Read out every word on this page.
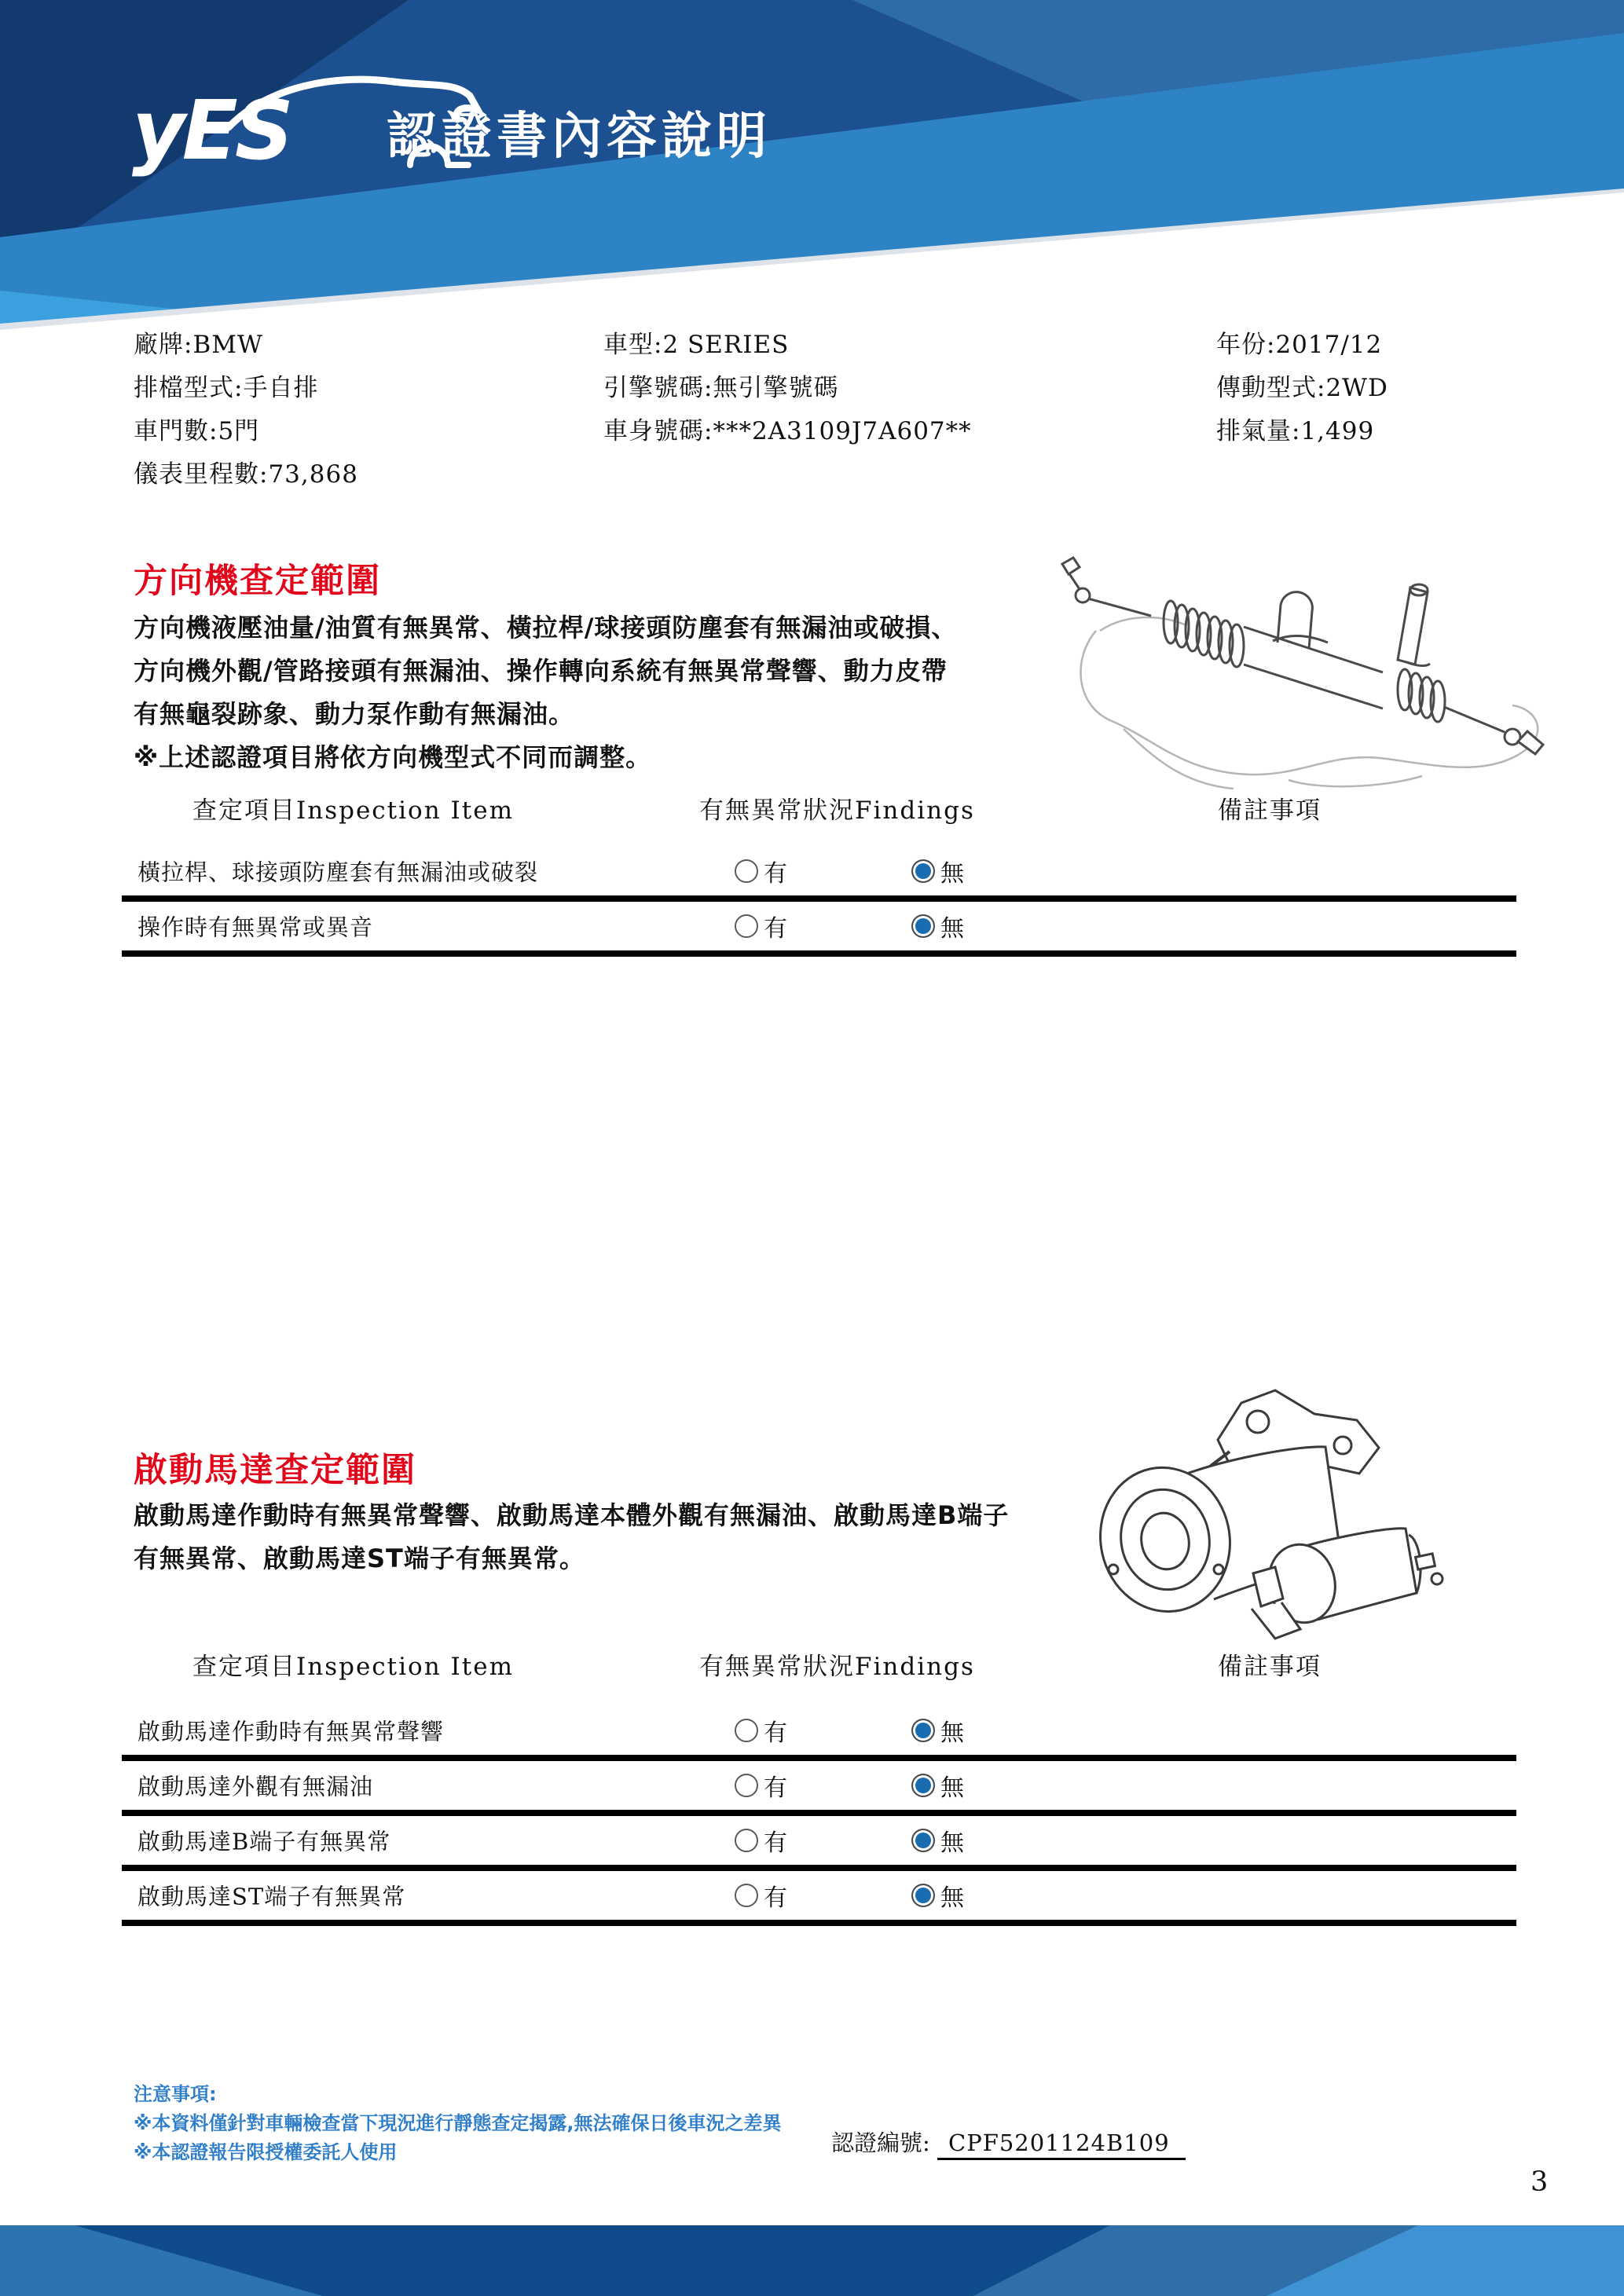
yES 認證書內容說明
廠牌:BMW
排檔型式:手自排
車門數:5門
儀表里程數:73,868
車型:2 SERIES
引擎號碼:無引擎號碼
車身號碼:***2A3109J7A607**
年份:2017/12
傳動型式:2WD
排氣量:1,499
方向機查定範圍
方向機液壓油量/油質有無異常、橫拉桿/球接頭防塵套有無漏油或破損、
方向機外觀/管路接頭有無漏油、操作轉向系統有無異常聲響、動力皮帶
有無龜裂跡象、動力泵作動有無漏油。
※上述認證項目將依方向機型式不同而調整。
查定項目Inspection Item	有無異常狀況Findings	備註事項
橫拉桿、球接頭防塵套有無漏油或破裂	有	無
操作時有無異常或異音	有	無
啟動馬達查定範圍
啟動馬達作動時有無異常聲響、啟動馬達本體外觀有無漏油、啟動馬達B端子
有無異常、啟動馬達ST端子有無異常。
查定項目Inspection Item	有無異常狀況Findings	備註事項
啟動馬達作動時有無異常聲響	有	無
啟動馬達外觀有無漏油	有	無
啟動馬達B端子有無異常	有	無
啟動馬達ST端子有無異常	有	無
注意事項:
※本資料僅針對車輛檢查當下現況進行靜態查定揭露,無法確保日後車況之差異
※本認證報告限授權委託人使用	認證編號: CPF5201124B109
3
